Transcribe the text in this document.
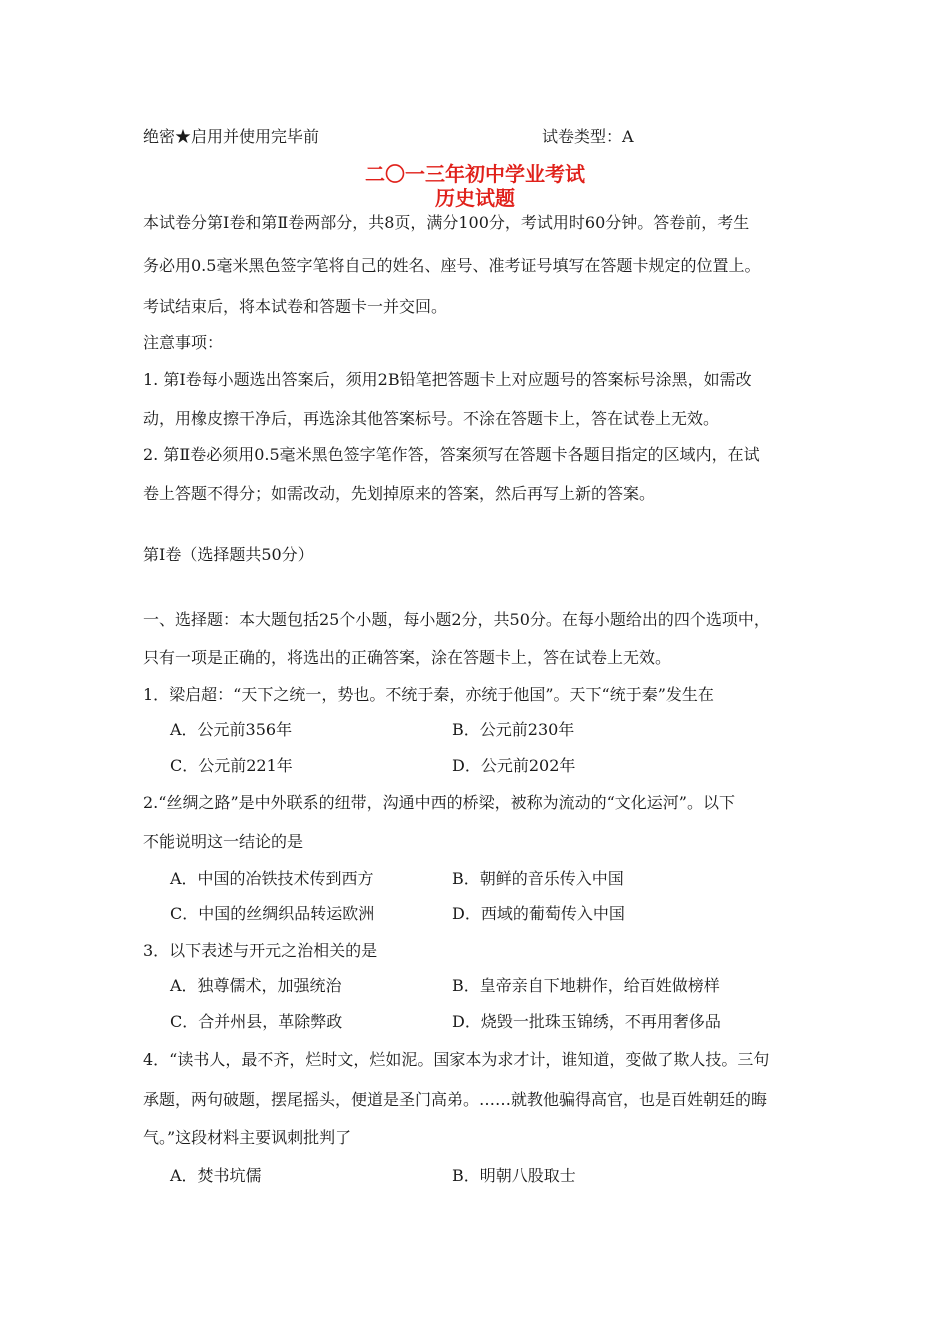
绝密★启用并使用完毕前	试卷类型：A
二〇一三年初中学业考试
历史试题
本试卷分第Ⅰ卷和第Ⅱ卷两部分，共8页，满分100分，考试用时60分钟。答卷前，考生
务必用0.5毫米黑色签字笔将自己的姓名、座号、准考证号填写在答题卡规定的位置上。
考试结束后，将本试卷和答题卡一并交回。
注意事项：
1. 第Ⅰ卷每小题选出答案后，须用2B铅笔把答题卡上对应题号的答案标号涂黑，如需改
动，用橡皮擦干净后，再选涂其他答案标号。不涂在答题卡上，答在试卷上无效。
2. 第Ⅱ卷必须用0.5毫米黑色签字笔作答，答案须写在答题卡各题目指定的区域内，在试
卷上答题不得分；如需改动，先划掉原来的答案，然后再写上新的答案。
第Ⅰ卷（选择题共50分）
一、选择题：本大题包括25个小题，每小题2分，共50分。在每小题给出的四个选项中，
只有一项是正确的，将选出的正确答案，涂在答题卡上，答在试卷上无效。
1．梁启超：“天下之统一，势也。不统于秦，亦统于他国”。天下“统于秦”发生在
A．公元前356年	B．公元前230年
C．公元前221年	D．公元前202年
2.“丝绸之路”是中外联系的纽带，沟通中西的桥梁，被称为流动的“文化运河”。以下
不能说明这一结论的是
A．中国的冶铁技术传到西方	B．朝鲜的音乐传入中国
C．中国的丝绸织品转运欧洲	D．西域的葡萄传入中国
3．以下表述与开元之治相关的是
A．独尊儒术，加强统治	B．皇帝亲自下地耕作，给百姓做榜样
C．合并州县，革除弊政	D．烧毁一批珠玉锦绣，不再用奢侈品
4．“读书人，最不齐，烂时文，烂如泥。国家本为求才计，谁知道，变做了欺人技。三句
承题，两句破题，摆尾摇头，便道是圣门高弟。……就教他骗得高官，也是百姓朝廷的晦
气。”这段材料主要讽刺批判了
A．焚书坑儒	B．明朝八股取士
